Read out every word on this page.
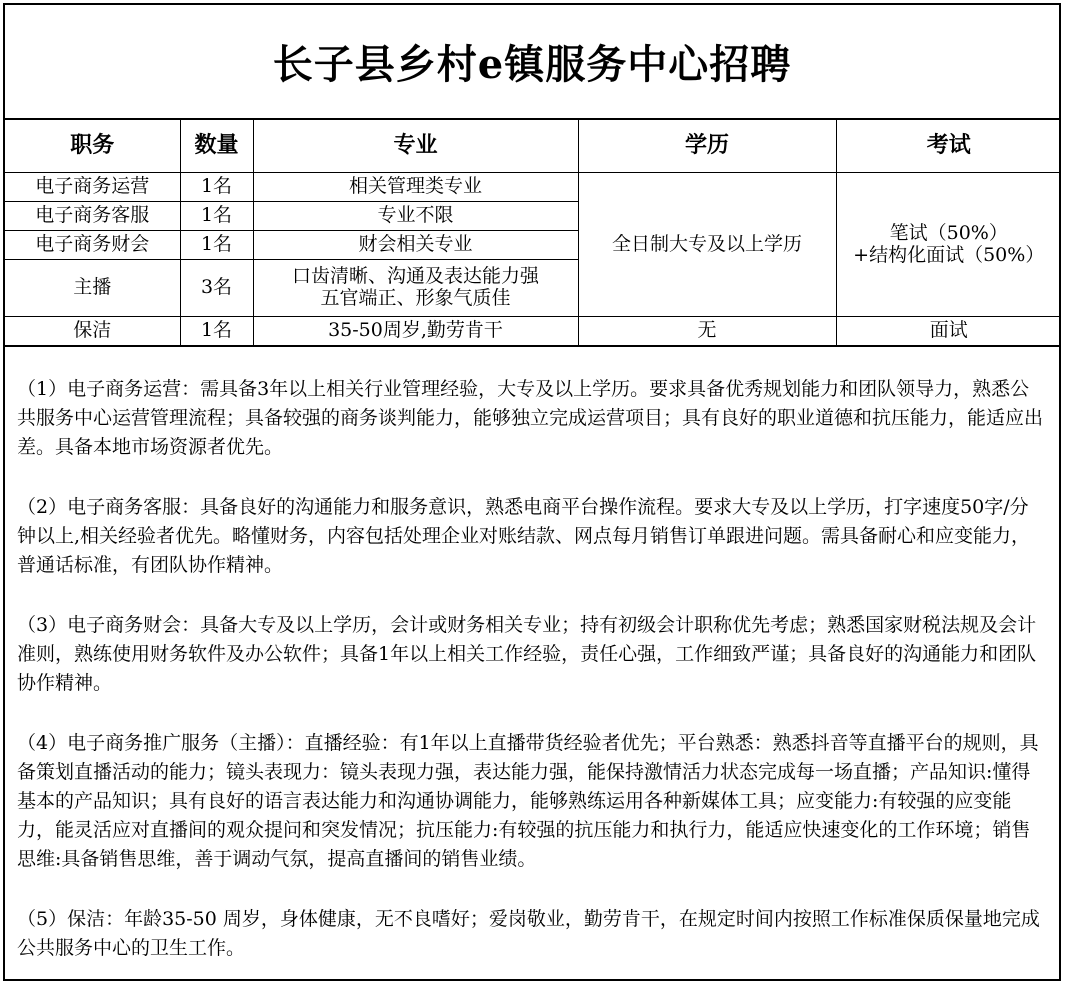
长子县乡村e镇服务中心招聘
职务	数量	专业	学历	考试
电子商务运营	1名	相关管理类专业	全日制大专及以上学历	笔试（50%）
+结构化面试（50%）
电子商务客服	1名	专业不限		
电子商务财会	1名	财会相关专业		
主播	3名	口齿清晰、沟通及表达能力强
五官端正、形象气质佳		
保洁	1名	35-50周岁,勤劳肯干	无	面试

（1）电子商务运营：需具备3年以上相关行业管理经验，大专及以上学历。要求具备优秀规划能力和团队领导力，熟悉公共服务中心运营管理流程；具备较强的商务谈判能力，能够独立完成运营项目；具有良好的职业道德和抗压能力，能适应出差。具备本地市场资源者优先。

（2）电子商务客服：具备良好的沟通能力和服务意识，熟悉电商平台操作流程。要求大专及以上学历，打字速度50字/分钟以上,相关经验者优先。略懂财务，内容包括处理企业对账结款、网点每月销售订单跟进问题。需具备耐心和应变能力，普通话标准，有团队协作精神。

（3）电子商务财会：具备大专及以上学历，会计或财务相关专业；持有初级会计职称优先考虑；熟悉国家财税法规及会计准则，熟练使用财务软件及办公软件；具备1年以上相关工作经验，责任心强，工作细致严谨；具备良好的沟通能力和团队协作精神。

（4）电子商务推广服务（主播）：直播经验：有1年以上直播带货经验者优先；平台熟悉：熟悉抖音等直播平台的规则，具备策划直播活动的能力；镜头表现力：镜头表现力强，表达能力强，能保持激情活力状态完成每一场直播；产品知识:懂得基本的产品知识；具有良好的语言表达能力和沟通协调能力，能够熟练运用各种新媒体工具；应变能力:有较强的应变能力，能灵活应对直播间的观众提问和突发情况；抗压能力:有较强的抗压能力和执行力，能适应快速变化的工作环境；销售思维:具备销售思维，善于调动气氛，提高直播间的销售业绩。

（5）保洁：年龄35-50 周岁，身体健康，无不良嗜好；爱岗敬业，勤劳肯干，在规定时间内按照工作标准保质保量地完成公共服务中心的卫生工作。
